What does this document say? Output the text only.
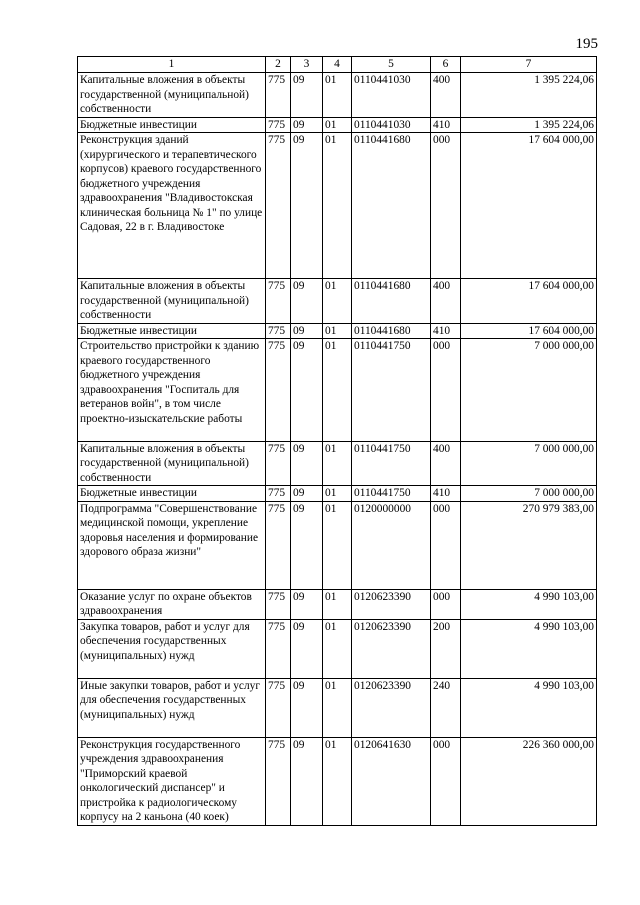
195
1	2	3	4	5	6	7
Капитальные вложения в объекты государственной (муниципальной) собственности	775	09	01	0110441030	400	1 395 224,06
Бюджетные инвестиции	775	09	01	0110441030	410	1 395 224,06
Реконструкция зданий (хирургического и терапевтического корпусов) краевого государственного бюджетного учреждения здравоохранения "Владивостокская клиническая больница № 1" по улице Садовая, 22 в г. Владивостоке	775	09	01	0110441680	000	17 604 000,00
Капитальные вложения в объекты государственной (муниципальной) собственности	775	09	01	0110441680	400	17 604 000,00
Бюджетные инвестиции	775	09	01	0110441680	410	17 604 000,00
Строительство пристройки к зданию краевого государственного бюджетного учреждения здравоохранения "Госпиталь для ветеранов войн", в том числе проектно-изыскательские работы	775	09	01	0110441750	000	7 000 000,00
Капитальные вложения в объекты государственной (муниципальной) собственности	775	09	01	0110441750	400	7 000 000,00
Бюджетные инвестиции	775	09	01	0110441750	410	7 000 000,00
Подпрограмма "Совершенствование медицинской помощи, укрепление здоровья населения и формирование здорового образа жизни"	775	09	01	0120000000	000	270 979 383,00
Оказание услуг по охране объектов здравоохранения	775	09	01	0120623390	000	4 990 103,00
Закупка товаров, работ и услуг для обеспечения государственных (муниципальных) нужд	775	09	01	0120623390	200	4 990 103,00
Иные закупки товаров, работ и услуг для обеспечения государственных (муниципальных) нужд	775	09	01	0120623390	240	4 990 103,00
Реконструкция государственного учреждения здравоохранения "Приморский краевой онкологический диспансер" и пристройка к радиологическому корпусу на 2 каньона (40 коек)	775	09	01	0120641630	000	226 360 000,00
